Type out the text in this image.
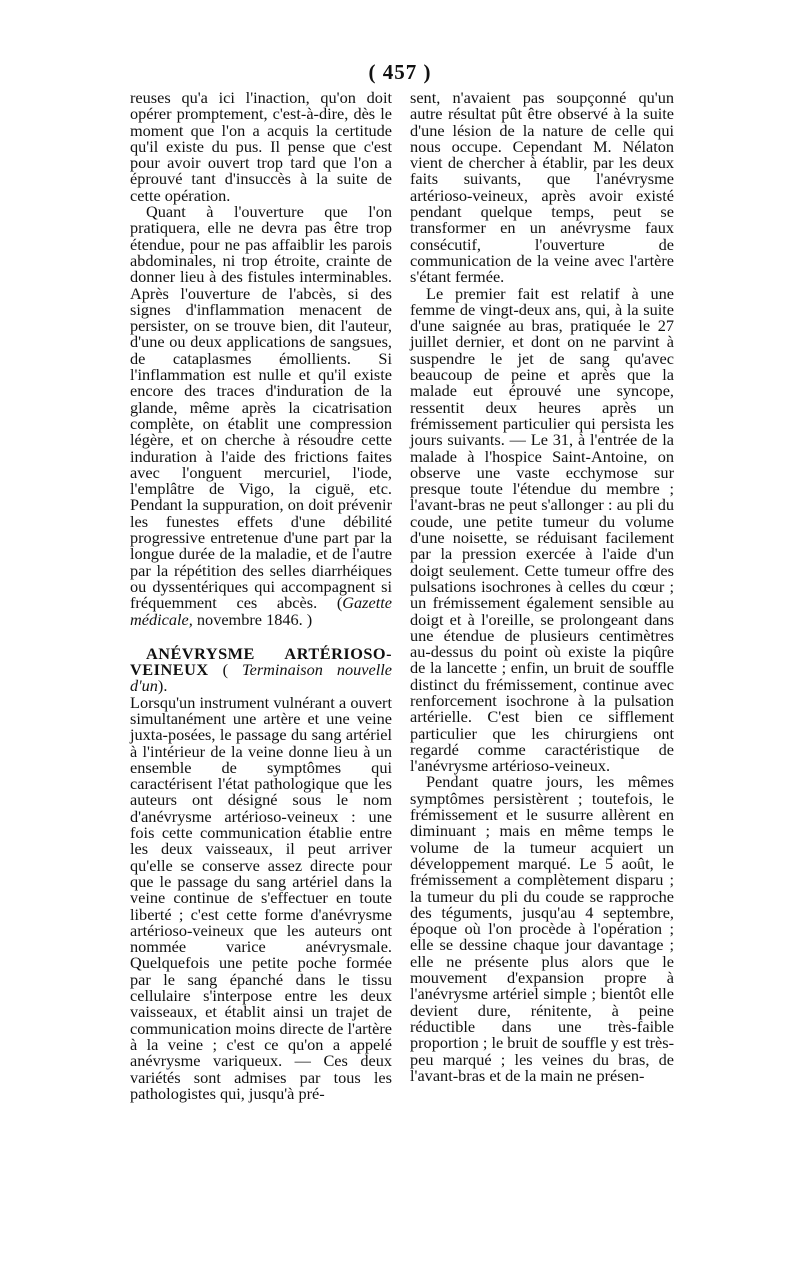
( 457 )

reuses qu'a ici l'inaction, qu'on doit opérer promptement, c'est-à-dire, dès le moment que l'on a acquis la certitude qu'il existe du pus. Il pense que c'est pour avoir ouvert trop tard que l'on a éprouvé tant d'insuccès à la suite de cette opération.

Quant à l'ouverture que l'on pratiquera, elle ne devra pas être trop étendue, pour ne pas affaiblir les parois abdominales, ni trop étroite, crainte de donner lieu à des fistules interminables. Après l'ouverture de l'abcès, si des signes d'inflammation menacent de persister, on se trouve bien, dit l'auteur, d'une ou deux applications de sangsues, de cataplasmes émollients. Si l'inflammation est nulle et qu'il existe encore des traces d'induration de la glande, même après la cicatrisation complète, on établit une compression légère, et on cherche à résoudre cette induration à l'aide des frictions faites avec l'onguent mercuriel, l'iode, l'emplâtre de Vigo, la ciguë, etc. Pendant la suppuration, on doit prévenir les funestes effets d'une débilité progressive entretenue d'une part par la longue durée de la maladie, et de l'autre par la répétition des selles diarrhéiques ou dyssentériques qui accompagnent si fréquemment ces abcès. (Gazette médicale, novembre 1846. )

ANÉVRYSME ARTÉRIOSO-VEINEUX ( Terminaison nouvelle d'un).

Lorsqu'un instrument vulnérant a ouvert simultanément une artère et une veine juxta-posées, le passage du sang artériel à l'intérieur de la veine donne lieu à un ensemble de symptômes qui caractérisent l'état pathologique que les auteurs ont désigné sous le nom d'anévrysme artérioso-veineux : une fois cette communication établie entre les deux vaisseaux, il peut arriver qu'elle se conserve assez directe pour que le passage du sang artériel dans la veine continue de s'effectuer en toute liberté ; c'est cette forme d'anévrysme artérioso-veineux que les auteurs ont nommée varice anévrysmale. Quelquefois une petite poche formée par le sang épanché dans le tissu cellulaire s'interpose entre les deux vaisseaux, et établit ainsi un trajet de communication moins directe de l'artère à la veine ; c'est ce qu'on a appelé anévrysme variqueux. — Ces deux variétés sont admises par tous les pathologistes qui, jusqu'à pré-

sent, n'avaient pas soupçonné qu'un autre résultat pût être observé à la suite d'une lésion de la nature de celle qui nous occupe. Cependant M. Nélaton vient de chercher à établir, par les deux faits suivants, que l'anévrysme artérioso-veineux, après avoir existé pendant quelque temps, peut se transformer en un anévrysme faux consécutif, l'ouverture de communication de la veine avec l'artère s'étant fermée.

Le premier fait est relatif à une femme de vingt-deux ans, qui, à la suite d'une saignée au bras, pratiquée le 27 juillet dernier, et dont on ne parvint à suspendre le jet de sang qu'avec beaucoup de peine et après que la malade eut éprouvé une syncope, ressentit deux heures après un frémissement particulier qui persista les jours suivants. — Le 31, à l'entrée de la malade à l'hospice Saint-Antoine, on observe une vaste ecchymose sur presque toute l'étendue du membre ; l'avant-bras ne peut s'allonger : au pli du coude, une petite tumeur du volume d'une noisette, se réduisant facilement par la pression exercée à l'aide d'un doigt seulement. Cette tumeur offre des pulsations isochrones à celles du cœur ; un frémissement également sensible au doigt et à l'oreille, se prolongeant dans une étendue de plusieurs centimètres au-dessus du point où existe la piqûre de la lancette ; enfin, un bruit de souffle distinct du frémissement, continue avec renforcement isochrone à la pulsation artérielle. C'est bien ce sifflement particulier que les chirurgiens ont regardé comme caractéristique de l'anévrysme artérioso-veineux.

Pendant quatre jours, les mêmes symptômes persistèrent ; toutefois, le frémissement et le susurre allèrent en diminuant ; mais en même temps le volume de la tumeur acquiert un développement marqué. Le 5 août, le frémissement a complètement disparu ; la tumeur du pli du coude se rapproche des téguments, jusqu'au 4 septembre, époque où l'on procède à l'opération ; elle se dessine chaque jour davantage ; elle ne présente plus alors que le mouvement d'expansion propre à l'anévrysme artériel simple ; bientôt elle devient dure, rénitente, à peine réductible dans une très-faible proportion ; le bruit de souffle y est très-peu marqué ; les veines du bras, de l'avant-bras et de la main ne présen-
